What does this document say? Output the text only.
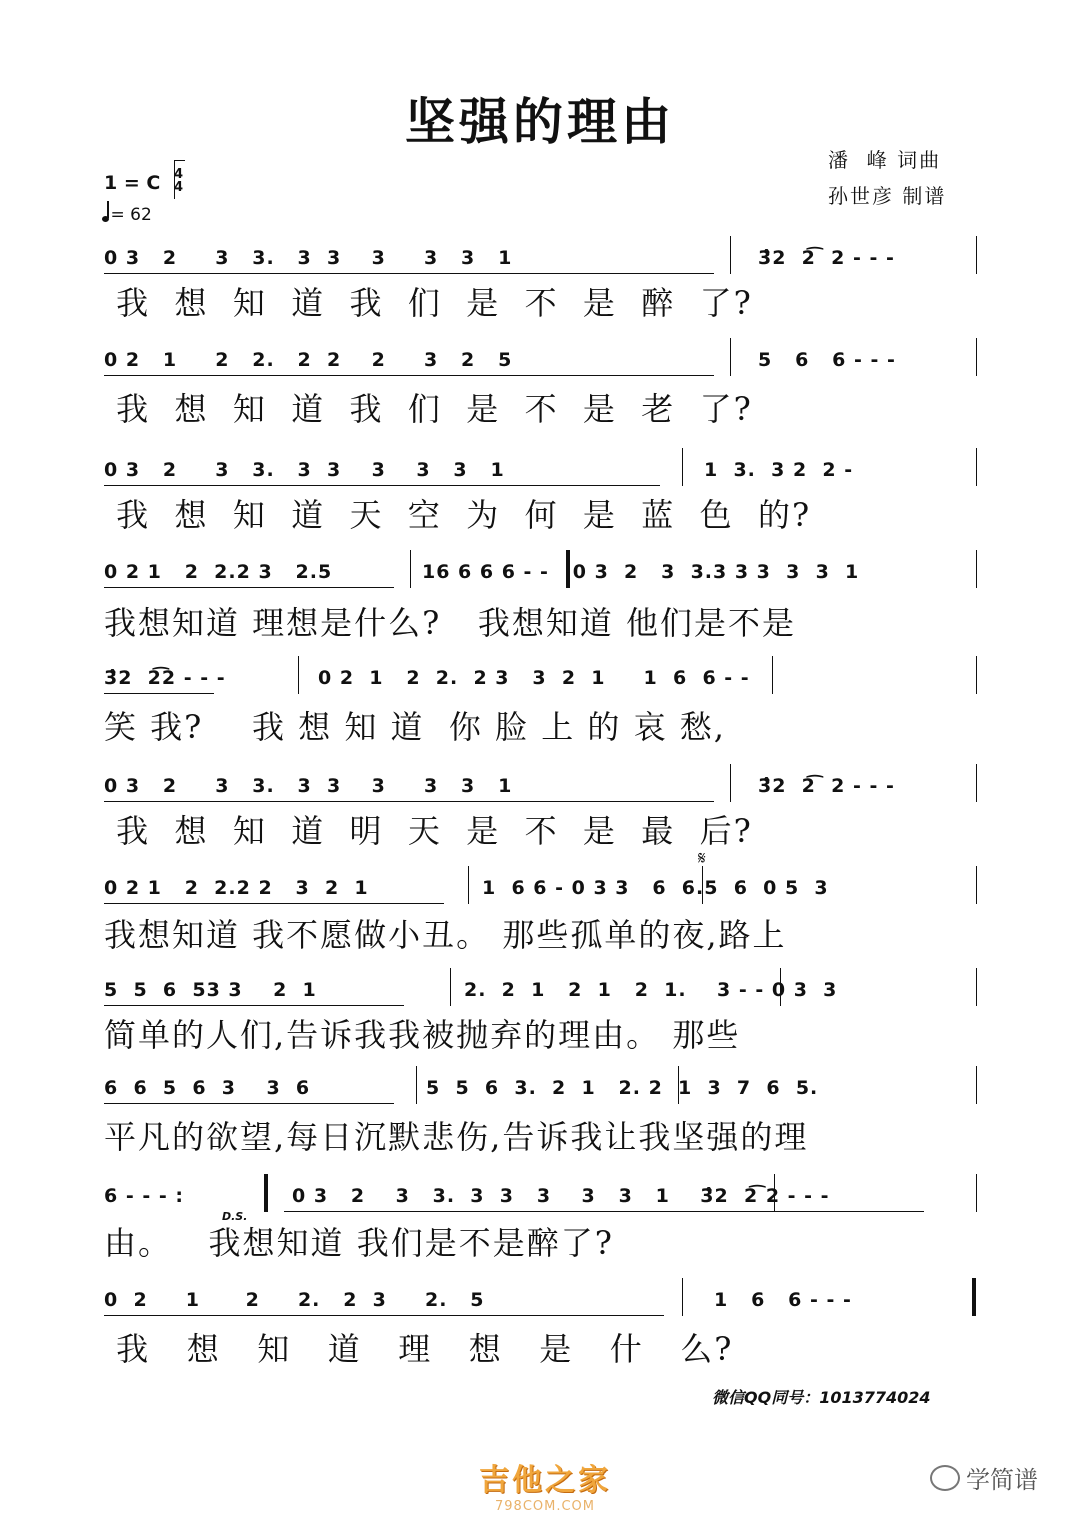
坚强的理由
潘  峰 词曲
孙世彦 制谱
1 = C 4
4
= 62
0 3   2     3   3.   3  3    3     3   3   1	3̂2  2͡  2 - - -
我  想  知  道  我  们  是  不  是  醉  了?
0 2   1     2   2.   2  2    2     3   2   5	5   6   6 - - -
我  想  知  道  我  们  是  不  是  老  了?
0 3   2     3   3.   3  3    3    3   3   1	1  3.  3 2  2 -
我  想  知  道  天  空  为  何  是  蓝  色  的?
0 2 1   2  2.2 3   2.5	16 6 6 6 - -  :0 3  2   3  3.3 3 3  3  3  1
我想知道 理想是什么?   我想知道 他们是不是
3̂2  2͡2 - - -	0 2  1   2  2.  2 3   3  2  1     1  6  6 - -
笑 我?    我 想 知 道  你 脸 上 的 哀 愁,
0 3   2     3   3.   3  3    3     3   3   1	3̂2  2͡  2 - - -
我  想  知  道  明  天  是  不  是  最  后?
0 2 1   2  2.2 2   3  2  1	1  6 6 - 0 3 3   6  6.5  6  0 5  3
𝄋
我想知道 我不愿做小丑。 那些孤单的夜,路上
5  5  6  53 3    2  1	2.  2  1   2  1   2  1.    3 - - 0 3  3
简单的人们,告诉我我被抛弃的理由。 那些
6  6  5  6  3    3  6	5  5  6  3.  2  1   2. 2  1  3  7  6  5.
平凡的欲望,每日沉默悲伤,告诉我让我坚强的理
6 - - - :	0 3   2    3   3.  3  3   3    3   3   1    3̂2  2͡ 2 - - -
D.S.
由。   我想知道 我们是不是醉了?
0  2     1      2     2.   2  3     2.   5	1   6   6 - - -
我   想   知   道   理   想   是   什   么?
微信QQ同号：1013774024
吉他之家
798COM.COM
学简谱
